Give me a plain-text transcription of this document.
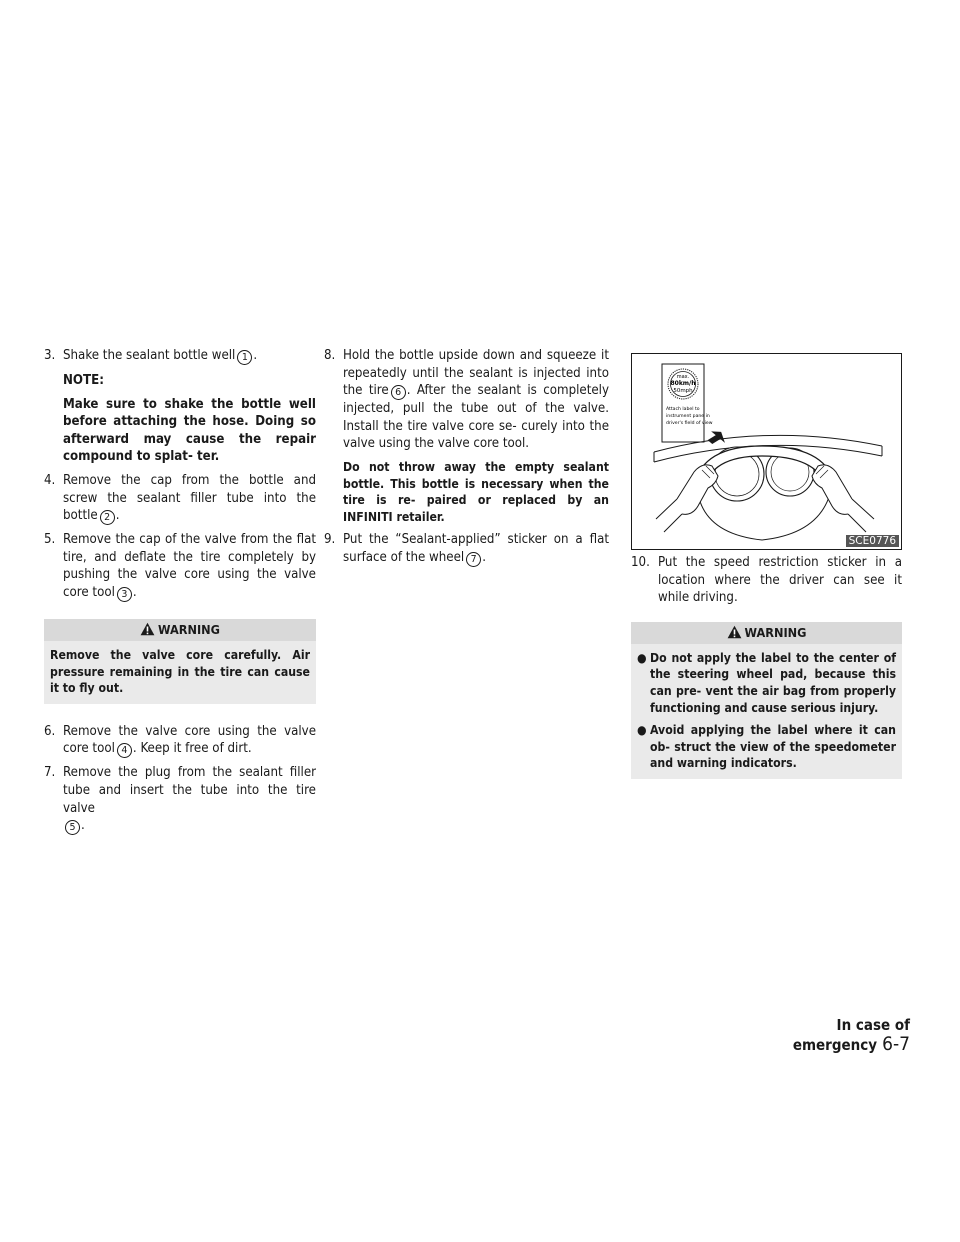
3. Shake the sealant bottle well 1 .
NOTE:
Make sure to shake the bottle well before attaching the hose. Doing so afterward may cause the repair compound to splat- ter.
4. Remove the cap from the bottle and screw the sealant filler tube into the bottle 2 .
5. Remove the cap of the valve from the flat tire, and deflate the tire completely by pushing the valve core using the valve core tool 3 .
WARNING
Remove the valve core carefully. Air pressure remaining in the tire can cause it to fly out.
6. Remove the valve core using the valve core tool 4 . Keep it free of dirt.
7. Remove the plug from the sealant filler tube and insert the tube into the tire valve
5 .
8. Hold the bottle upside down and squeeze it repeatedly until the sealant is injected into the tire 6 . After the sealant is completely injected, pull the tube out of the valve. Install the tire valve core se- curely into the valve using the valve core tool.
Do not throw away the empty sealant bottle. This bottle is necessary when the tire is re- paired or replaced by an INFINITI retailer.
9. Put the “Sealant-applied” sticker on a flat surface of the wheel 7 .
max.
80km/h
50mph
Attach label to
instrument pane in
driver's field of view
SCE0776
10. Put the speed restriction sticker in a location where the driver can see it while driving.
WARNING
● Do not apply the label to the center of the steering wheel pad, because this can pre- vent the air bag from properly functioning and cause serious injury.
● Avoid applying the label where it can ob- struct the view of the speedometer and warning indicators.
In case of emergency 6-7
